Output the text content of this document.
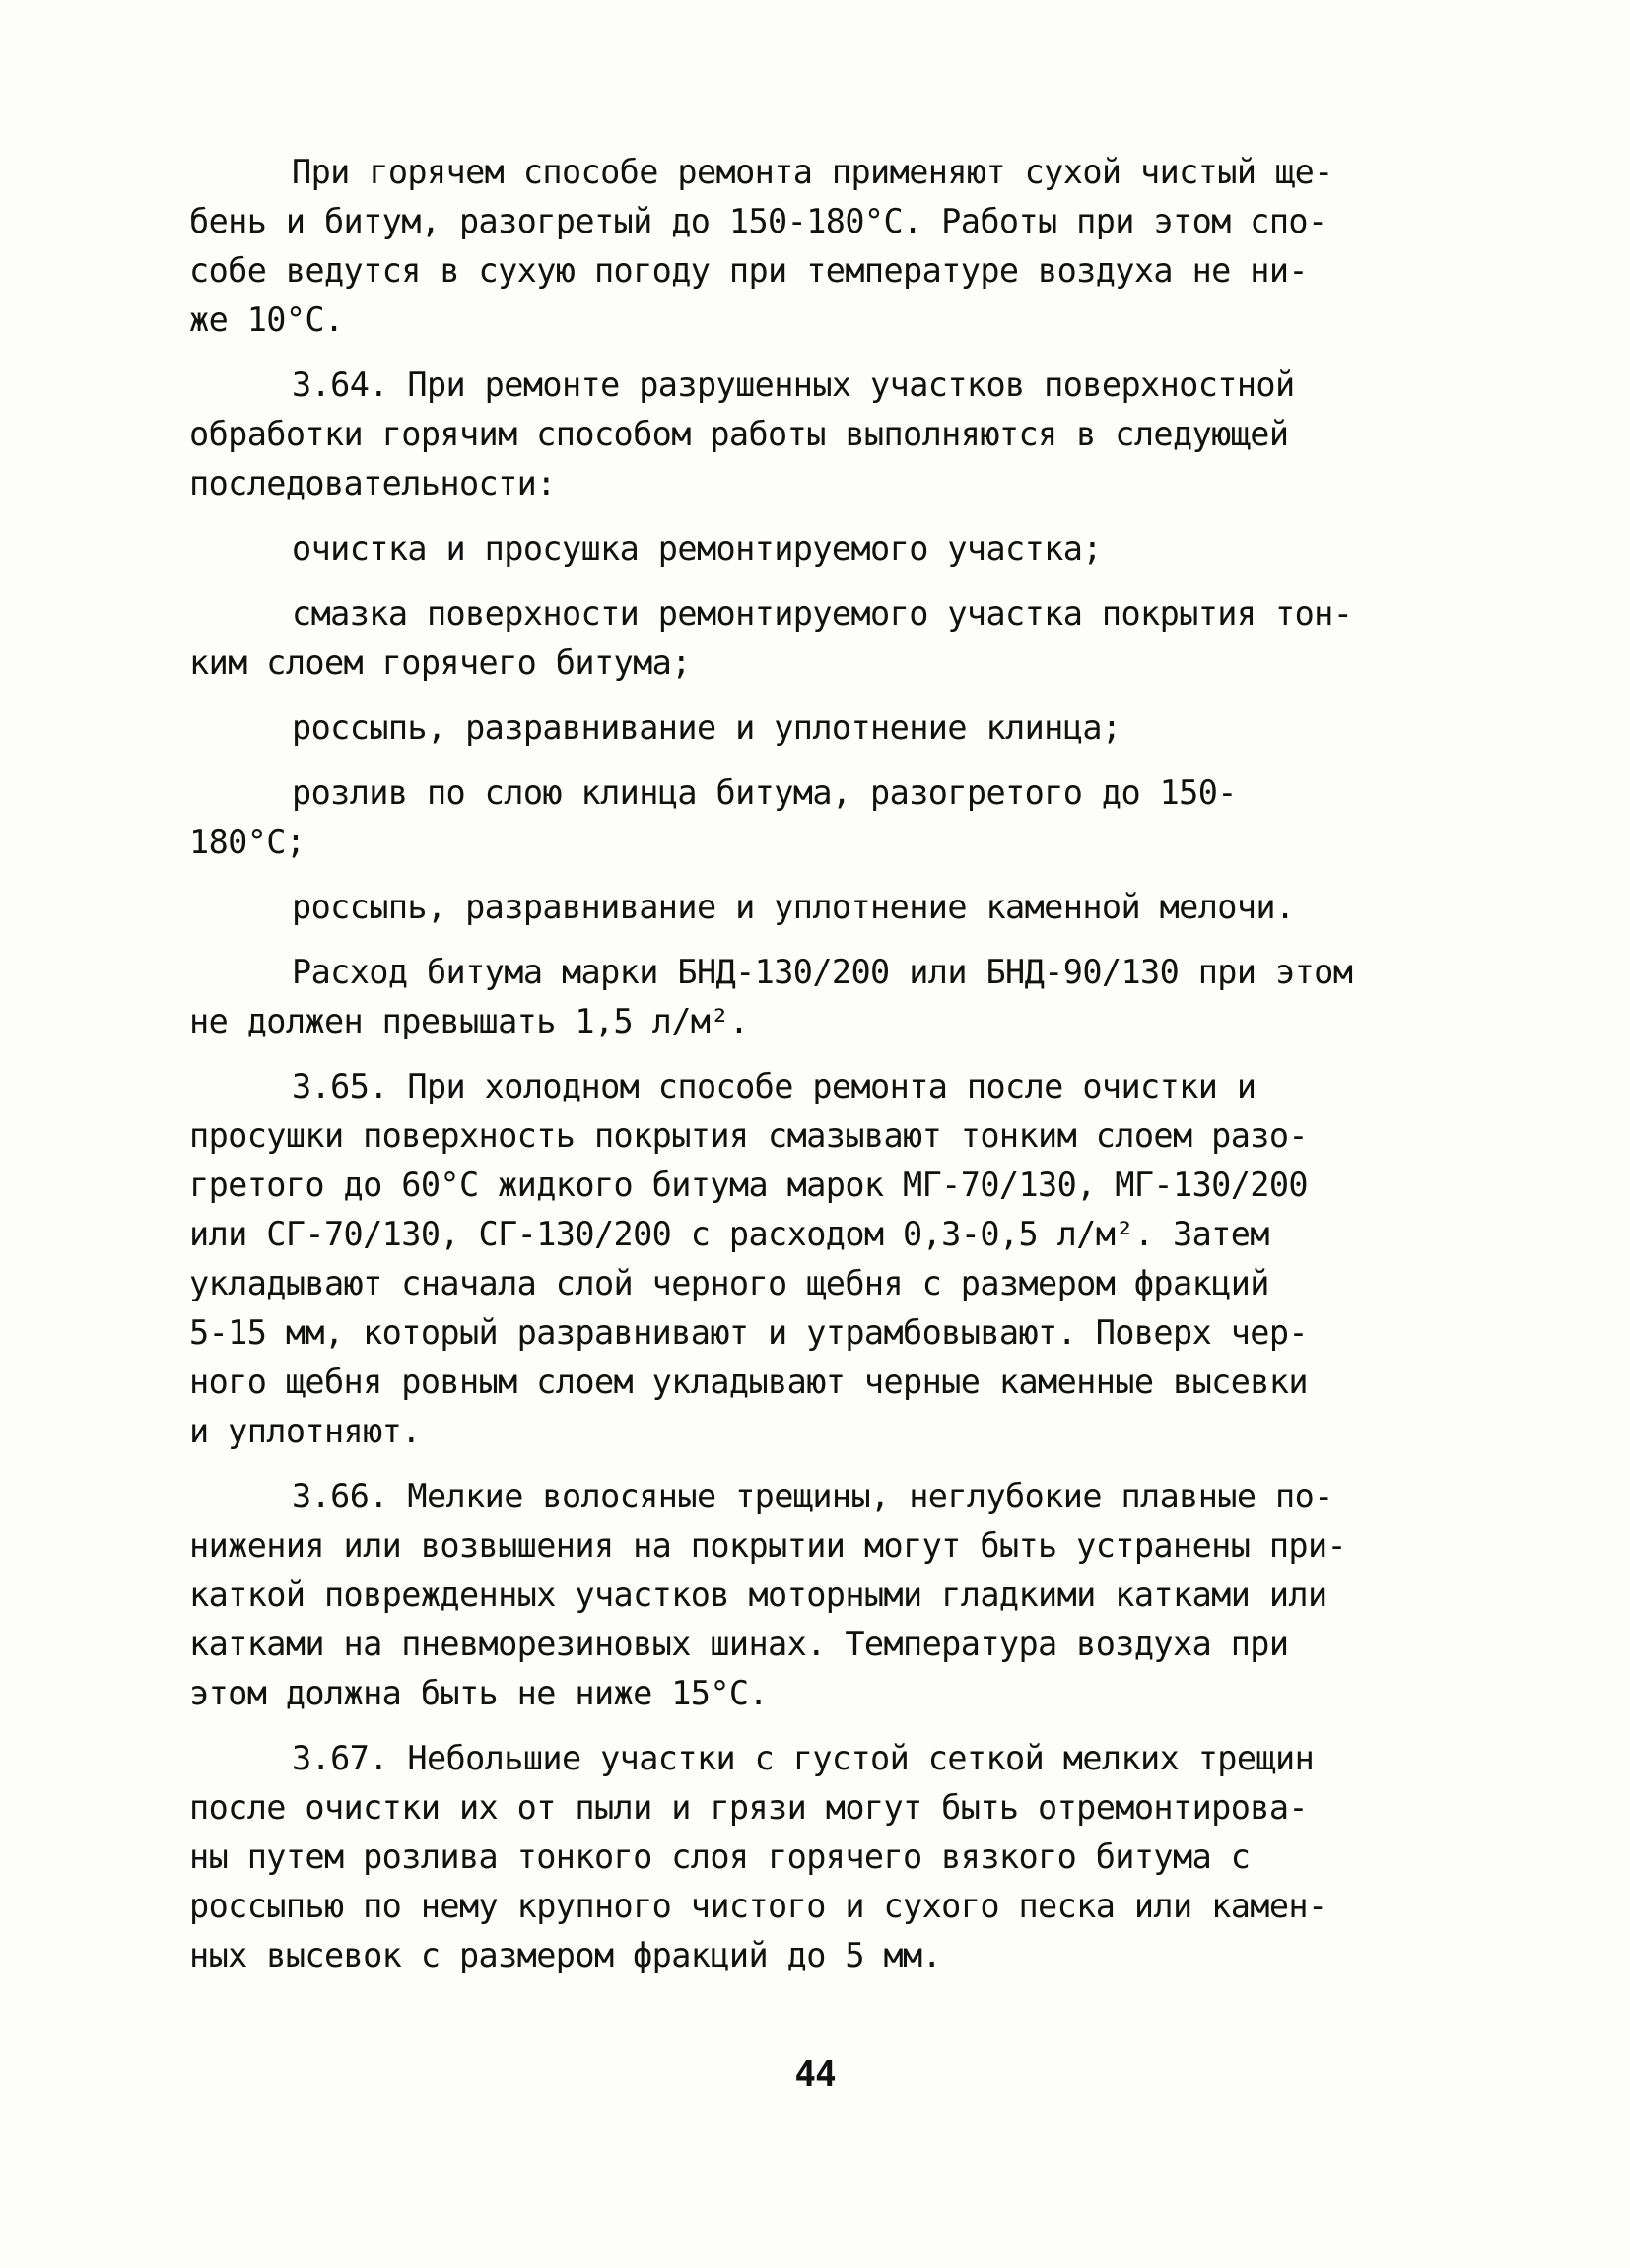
При горячем способе ремонта применяют сухой чистый ще-
бень и битум, разогретый до 150-180°С. Работы при этом спо-
собе ведутся в сухую погоду при температуре воздуха не ни-
же 10°С.

3.64. При ремонте разрушенных участков поверхностной
обработки горячим способом работы выполняются в следующей
последовательности:

очистка и просушка ремонтируемого участка;

смазка поверхности ремонтируемого участка покрытия тон-
ким слоем горячего битума;

россыпь, разравнивание и уплотнение клинца;

розлив по слою клинца битума, разогретого до 150-
180°С;

россыпь, разравнивание и уплотнение каменной мелочи.

Расход битума марки БНД-130/200 или БНД-90/130 при этом
не должен превышать 1,5 л/м².

3.65. При холодном способе ремонта после очистки и
просушки поверхность покрытия смазывают тонким слоем разо-
гретого до 60°С жидкого битума марок МГ-70/130, МГ-130/200
или СГ-70/130, СГ-130/200 с расходом 0,3-0,5 л/м². Затем
укладывают сначала слой черного щебня с размером фракций
5-15 мм, который разравнивают и утрамбовывают. Поверх чер-
ного щебня ровным слоем укладывают черные каменные высевки
и уплотняют.

3.66. Мелкие волосяные трещины, неглубокие плавные по-
нижения или возвышения на покрытии могут быть устранены при-
каткой поврежденных участков моторными гладкими катками или
катками на пневморезиновых шинах. Температура воздуха при
этом должна быть не ниже 15°С.

3.67. Небольшие участки с густой сеткой мелких трещин
после очистки их от пыли и грязи могут быть отремонтирова-
ны путем розлива тонкого слоя горячего вязкого битума с
россыпью по нему крупного чистого и сухого песка или камен-
ных высевок с размером фракций до 5 мм.

44
